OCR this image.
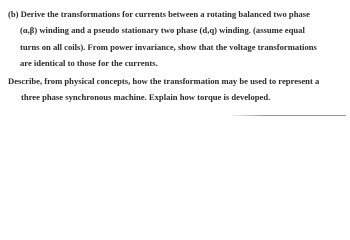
(b) Derive the transformations for currents between a rotating balanced two phase
(α,β) winding and a pseudo stationary two phase (d,q) winding. (assume equal
turns on all coils). From power invariance, show that the voltage transformations
are identical to those for the currents.
Describe, from physical concepts, how the transformation may be used to represent a
three phase synchronous machine. Explain how torque is developed.
